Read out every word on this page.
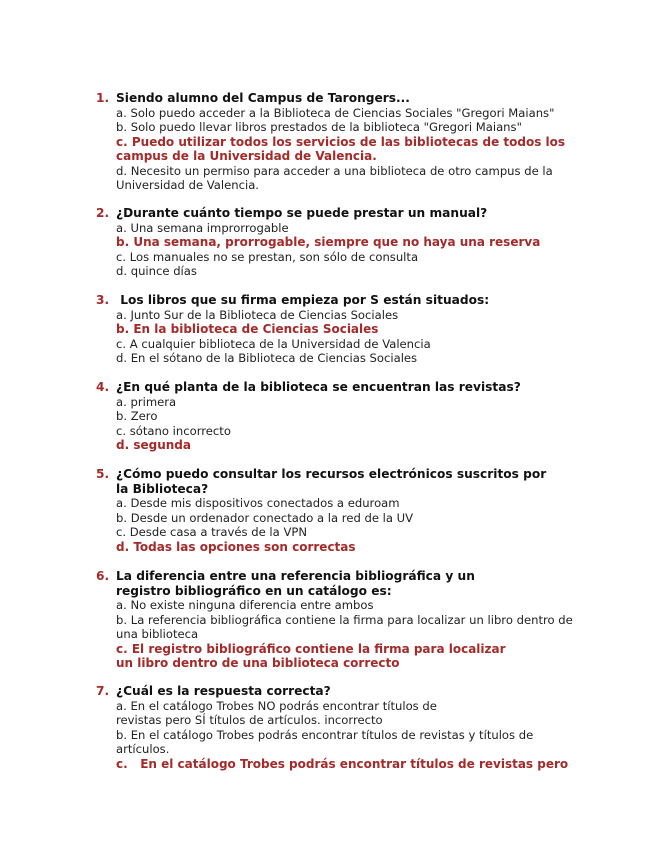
1. Siendo alumno del Campus de Tarongers...
a. Solo puedo acceder a la Biblioteca de Ciencias Sociales "Gregori Maians"
b. Solo puedo llevar libros prestados de la biblioteca "Gregori Maians"
c. Puedo utilizar todos los servicios de las bibliotecas de todos los campus de la Universidad de Valencia.
d. Necesito un permiso para acceder a una biblioteca de otro campus de la Universidad de Valencia.
2. ¿Durante cuánto tiempo se puede prestar un manual?
a. Una semana improrrogable
b. Una semana, prorrogable, siempre que no haya una reserva
c. Los manuales no se prestan, son sólo de consulta
d. quince días
3. Los libros que su firma empieza por S están situados:
a. Junto Sur de la Biblioteca de Ciencias Sociales
b. En la biblioteca de Ciencias Sociales
c. A cualquier biblioteca de la Universidad de Valencia
d. En el sótano de la Biblioteca de Ciencias Sociales
4. ¿En qué planta de la biblioteca se encuentran las revistas?
a. primera
b. Zero
c. sótano incorrecto
d. segunda
5. ¿Cómo puedo consultar los recursos electrónicos suscritos por la Biblioteca?
a. Desde mis dispositivos conectados a eduroam
b. Desde un ordenador conectado a la red de la UV
c. Desde casa a través de la VPN
d. Todas las opciones son correctas
6. La diferencia entre una referencia bibliográfica y un registro bibliográfico en un catálogo es:
a. No existe ninguna diferencia entre ambos
b. La referencia bibliográfica contiene la firma para localizar un libro dentro de una biblioteca
c. El registro bibliográfico contiene la firma para localizar un libro dentro de una biblioteca correcto
7. ¿Cuál es la respuesta correcta?
a. En el catálogo Trobes NO podrás encontrar títulos de revistas pero SÍ títulos de artículos. incorrecto
b. En el catálogo Trobes podrás encontrar títulos de revistas y títulos de artículos.
c.   En el catálogo Trobes podrás encontrar títulos de revistas pero
